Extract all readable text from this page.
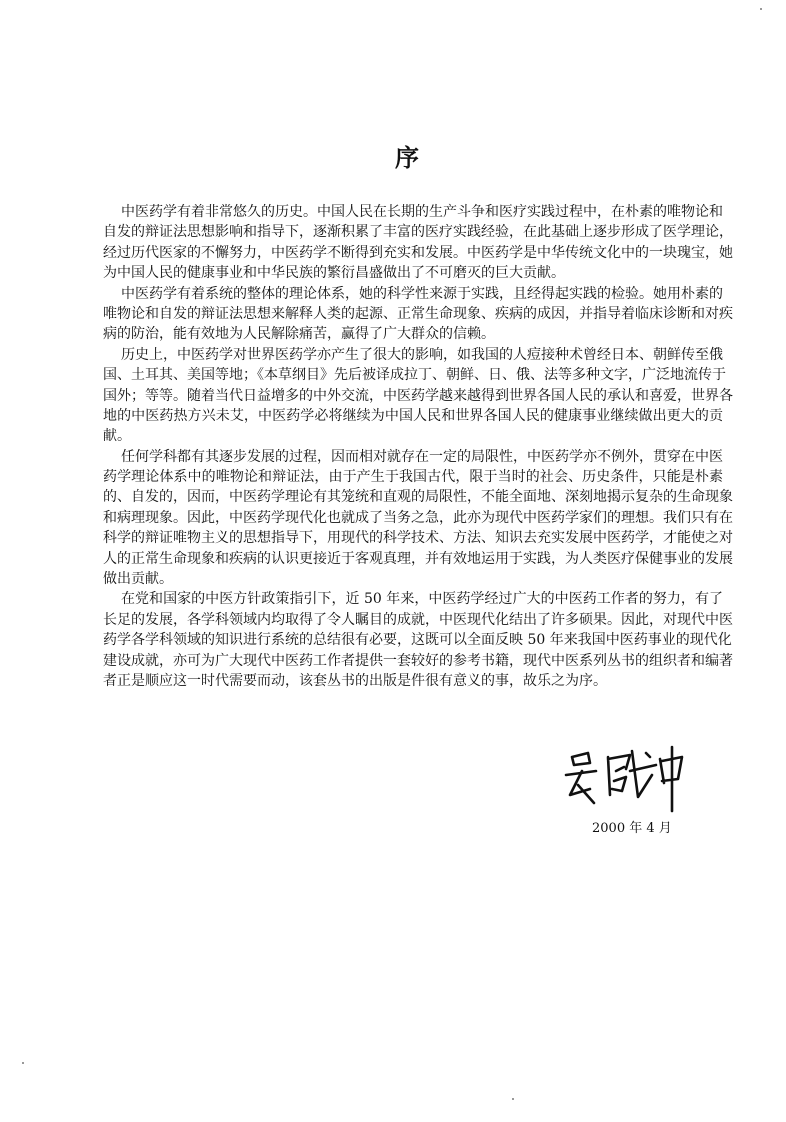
序
中医药学有着非常悠久的历史。中国人民在长期的生产斗争和医疗实践过程中，在朴素的唯物论和
自发的辩证法思想影响和指导下，逐渐积累了丰富的医疗实践经验，在此基础上逐步形成了医学理论，
经过历代医家的不懈努力，中医药学不断得到充实和发展。中医药学是中华传统文化中的一块瑰宝，她
为中国人民的健康事业和中华民族的繁衍昌盛做出了不可磨灭的巨大贡献。
中医药学有着系统的整体的理论体系，她的科学性来源于实践，且经得起实践的检验。她用朴素的
唯物论和自发的辩证法思想来解释人类的起源、正常生命现象、疾病的成因，并指导着临床诊断和对疾
病的防治，能有效地为人民解除痛苦，赢得了广大群众的信赖。
历史上，中医药学对世界医药学亦产生了很大的影响，如我国的人痘接种术曾经日本、朝鲜传至俄
国、土耳其、美国等地；《本草纲目》先后被译成拉丁、朝鲜、日、俄、法等多种文字，广泛地流传于
国外；等等。随着当代日益增多的中外交流，中医药学越来越得到世界各国人民的承认和喜爱，世界各
地的中医药热方兴未艾，中医药学必将继续为中国人民和世界各国人民的健康事业继续做出更大的贡
献。
任何学科都有其逐步发展的过程，因而相对就存在一定的局限性，中医药学亦不例外，贯穿在中医
药学理论体系中的唯物论和辩证法，由于产生于我国古代，限于当时的社会、历史条件，只能是朴素
的、自发的，因而，中医药学理论有其笼统和直观的局限性，不能全面地、深刻地揭示复杂的生命现象
和病理现象。因此，中医药学现代化也就成了当务之急，此亦为现代中医药学家们的理想。我们只有在
科学的辩证唯物主义的思想指导下，用现代的科学技术、方法、知识去充实发展中医药学，才能使之对
人的正常生命现象和疾病的认识更接近于客观真理，并有效地运用于实践，为人类医疗保健事业的发展
做出贡献。
在党和国家的中医方针政策指引下，近 50 年来，中医药学经过广大的中医药工作者的努力，有了
长足的发展，各学科领域内均取得了令人瞩目的成就，中医现代化结出了许多硕果。因此，对现代中医
药学各学科领域的知识进行系统的总结很有必要，这既可以全面反映 50 年来我国中医药事业的现代化
建设成就，亦可为广大现代中医药工作者提供一套较好的参考书籍，现代中医系列丛书的组织者和编著
者正是顺应这一时代需要而动，该套丛书的出版是件很有意义的事，故乐之为序。
2000 年 4 月
